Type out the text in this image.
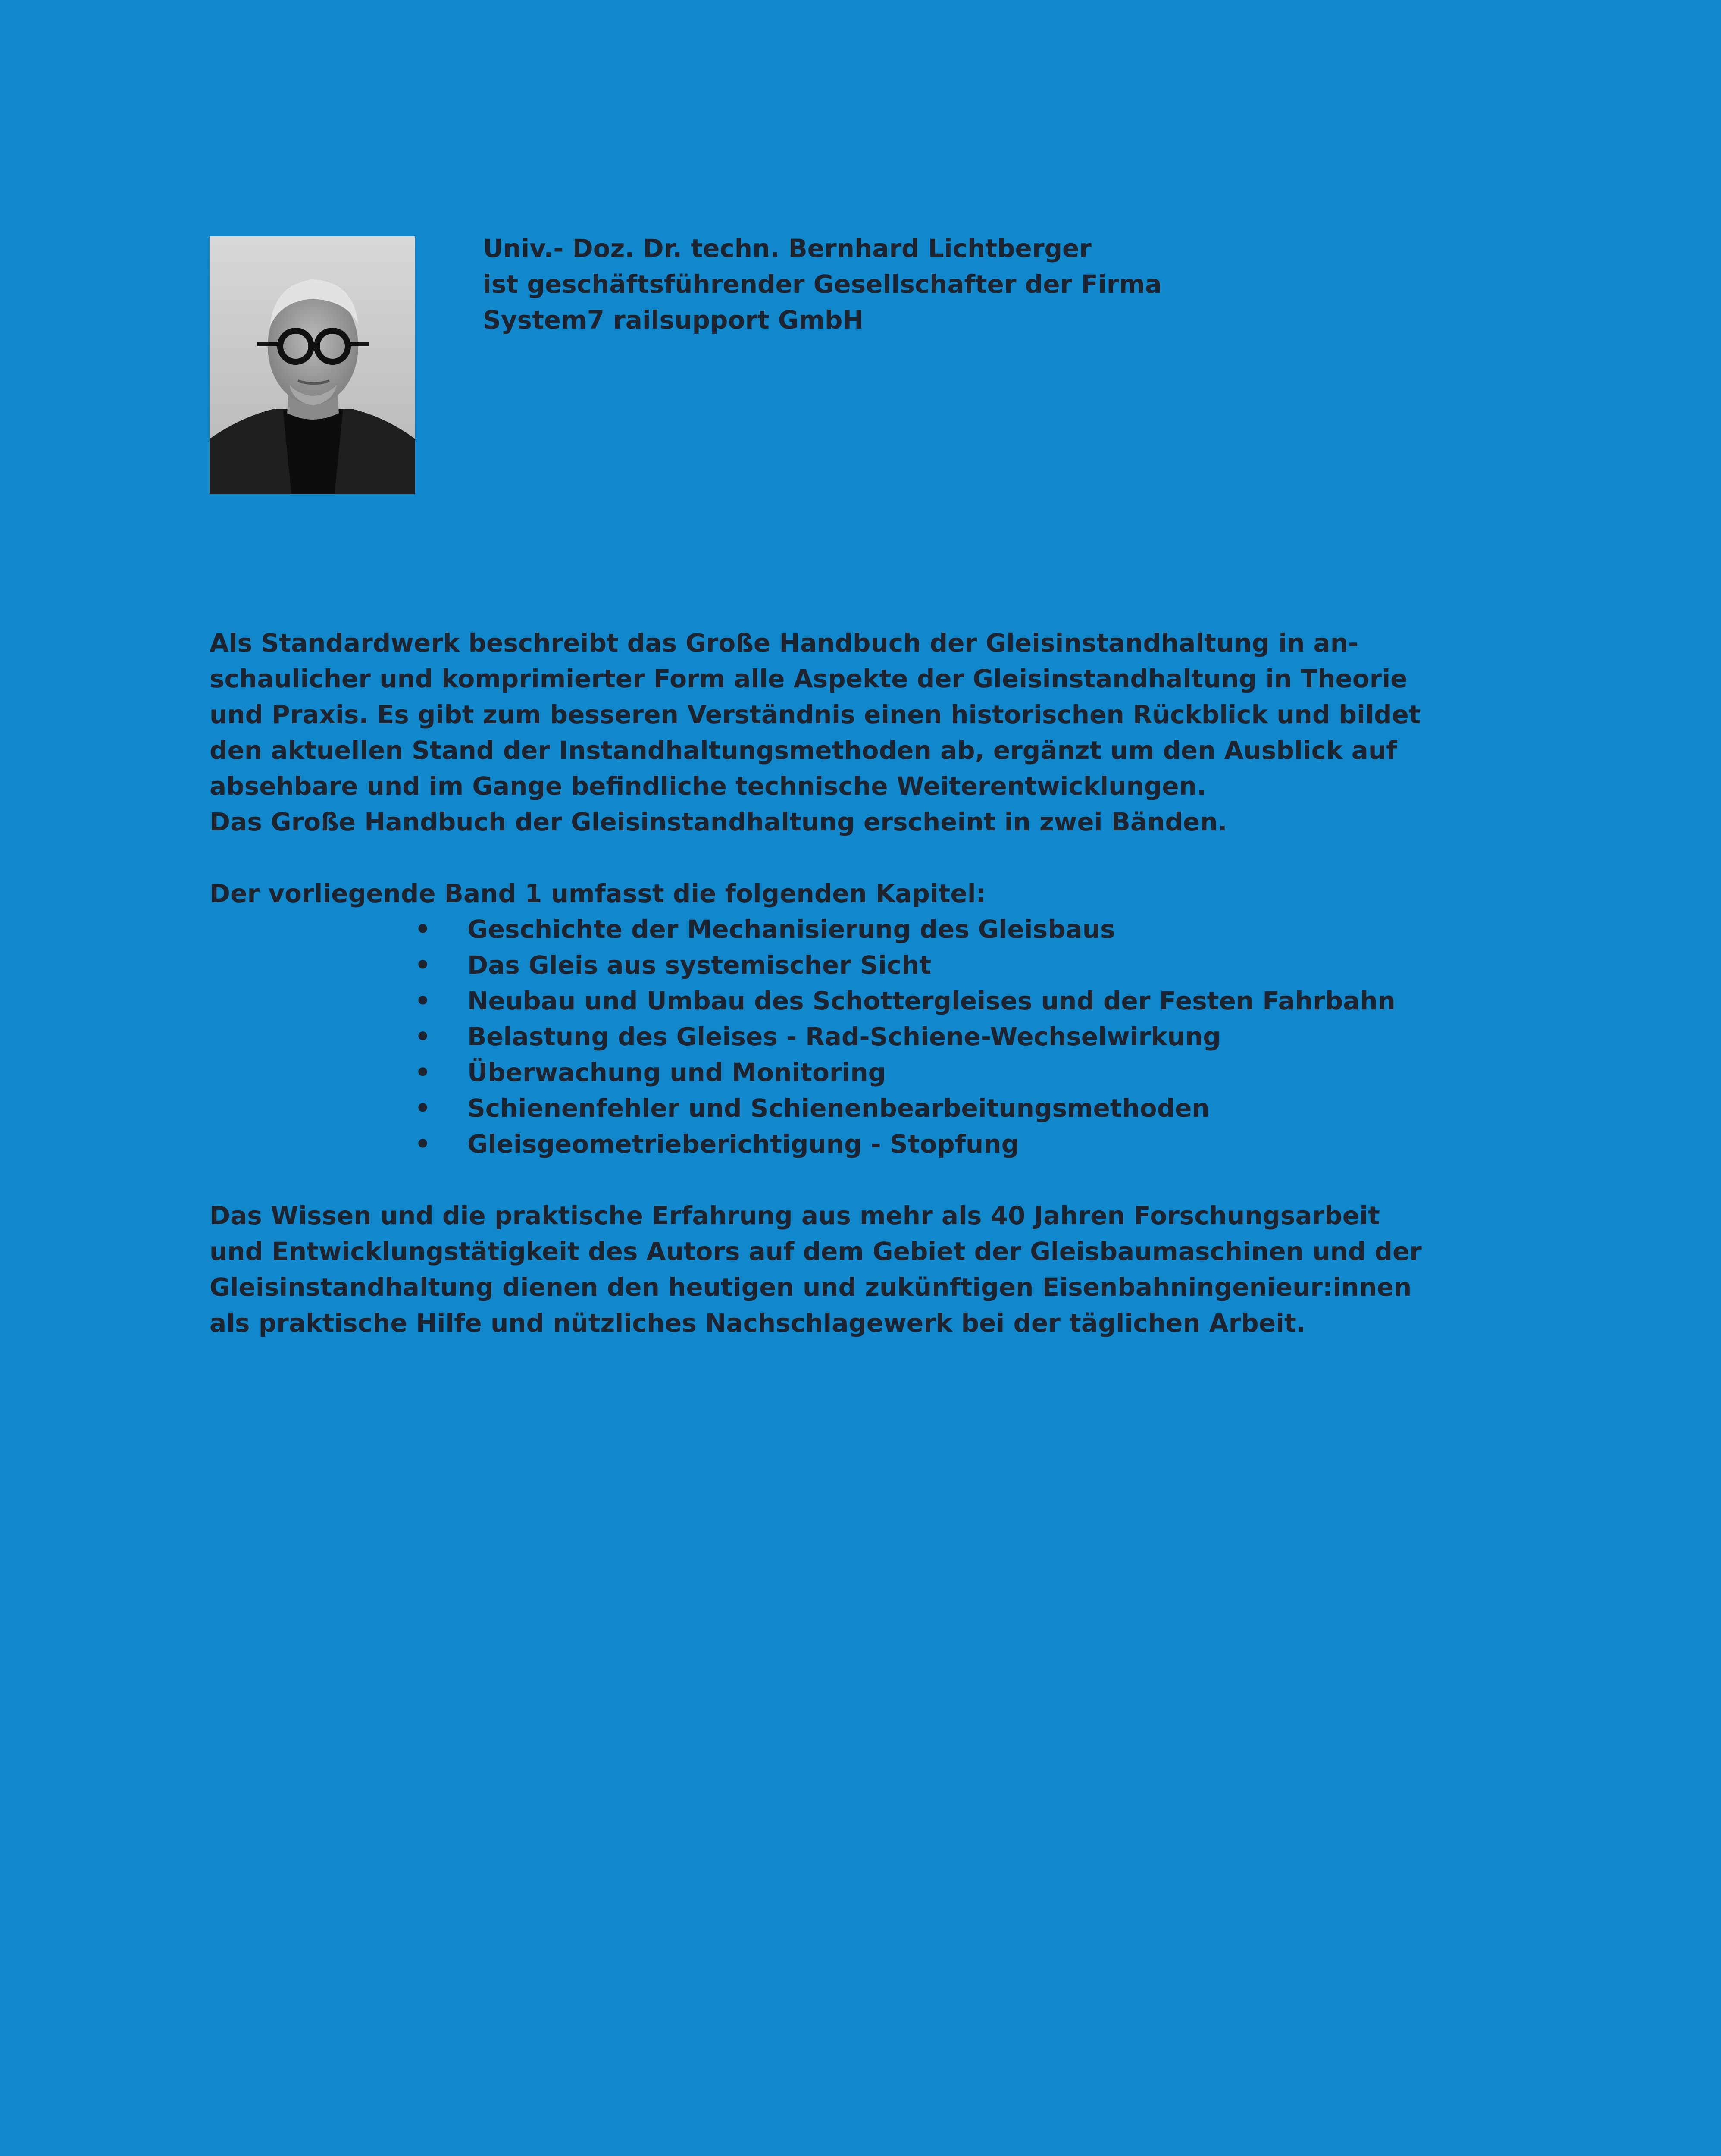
Univ.- Doz. Dr. techn. Bernhard Lichtberger
ist geschäftsführender Gesellschafter der Firma
System7 railsupport GmbH
Als Standardwerk beschreibt das Große Handbuch der Gleisinstandhaltung in an-
schaulicher und komprimierter Form alle Aspekte der Gleisinstandhaltung in Theorie
und Praxis. Es gibt zum besseren Verständnis einen historischen Rückblick und bildet
den aktuellen Stand der Instandhaltungsmethoden ab, ergänzt um den Ausblick auf
absehbare und im Gange befindliche technische Weiterentwicklungen.
Das Große Handbuch der Gleisinstandhaltung erscheint in zwei Bänden.
Der vorliegende Band 1 umfasst die folgenden Kapitel:
• Geschichte der Mechanisierung des Gleisbaus
• Das Gleis aus systemischer Sicht
• Neubau und Umbau des Schottergleises und der Festen Fahrbahn
• Belastung des Gleises - Rad-Schiene-Wechselwirkung
• Überwachung und Monitoring
• Schienenfehler und Schienenbearbeitungsmethoden
• Gleisgeometrieberichtigung - Stopfung
Das Wissen und die praktische Erfahrung aus mehr als 40 Jahren Forschungsarbeit
und Entwicklungstätigkeit des Autors auf dem Gebiet der Gleisbaumaschinen und der
Gleisinstandhaltung dienen den heutigen und zukünftigen Eisenbahningenieur:innen
als praktische Hilfe und nützliches Nachschlagewerk bei der täglichen Arbeit.
